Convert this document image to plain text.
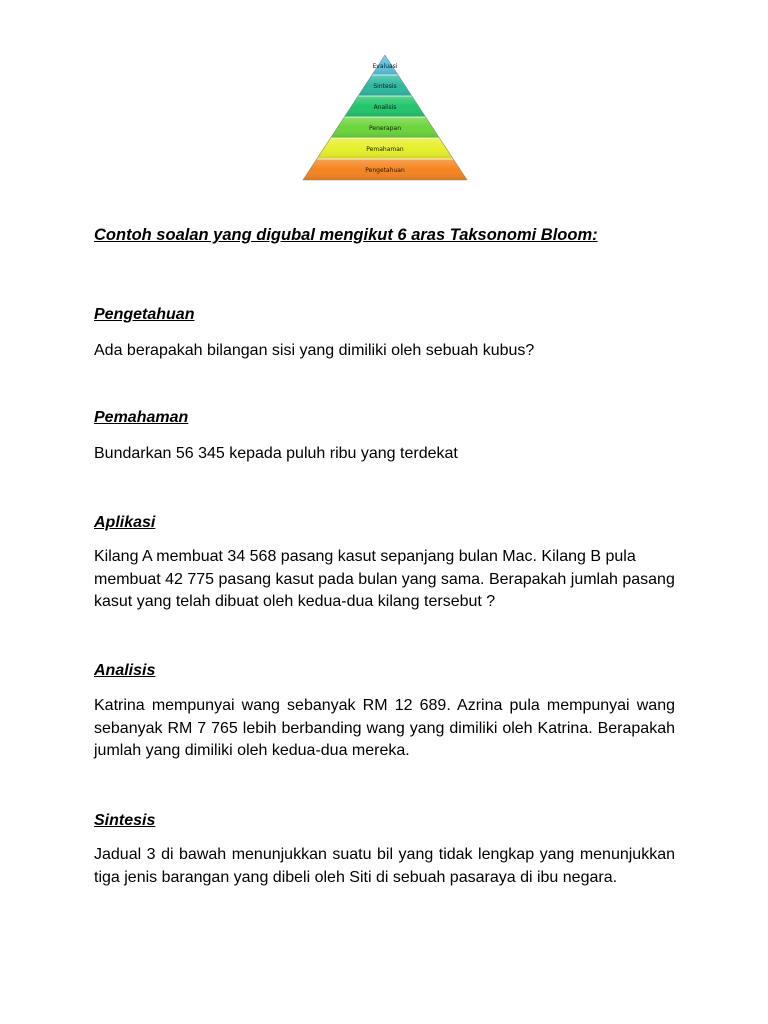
Evaluasi
Sintesis
Analisis
Penerapan
Pemahaman
Pengetahuan
Contoh soalan yang digubal mengikut 6 aras Taksonomi Bloom:
Pengetahuan

Ada berapakah bilangan sisi yang dimiliki oleh sebuah kubus?

Pemahaman

Bundarkan 56 345 kepada puluh ribu yang terdekat

Aplikasi

Kilang A membuat 34 568 pasang kasut sepanjang bulan Mac. Kilang B pula membuat 42 775 pasang kasut pada bulan yang sama. Berapakah jumlah pasang kasut yang telah dibuat oleh kedua-dua kilang tersebut ?

Analisis

Katrina mempunyai wang sebanyak RM 12 689. Azrina pula mempunyai wang sebanyak RM 7 765 lebih berbanding wang yang dimiliki oleh Katrina. Berapakah jumlah yang dimiliki oleh kedua-dua mereka.

Sintesis

Jadual 3 di bawah menunjukkan suatu bil yang tidak lengkap yang menunjukkan tiga jenis barangan yang dibeli oleh Siti di sebuah pasaraya di ibu negara.
